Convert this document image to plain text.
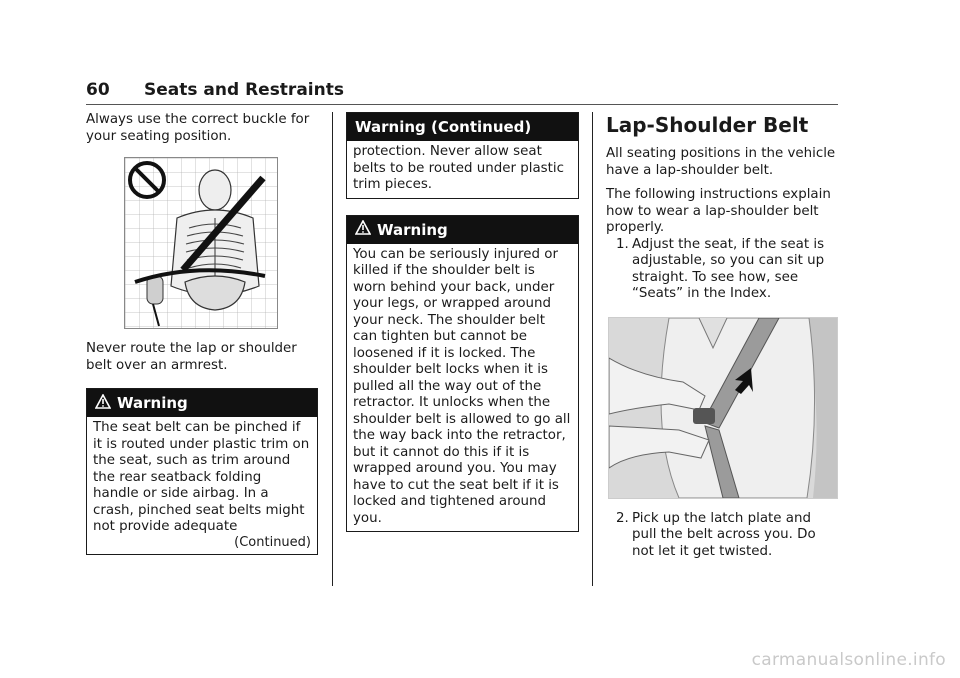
60 Seats and Restraints

Always use the correct buckle for your seating position.

Never route the lap or shoulder belt over an armrest.

Warning

The seat belt can be pinched if it is routed under plastic trim on the seat, such as trim around the rear seatback folding handle or side airbag. In a crash, pinched seat belts might not provide adequate

(Continued)
Warning (Continued)

protection. Never allow seat belts to be routed under plastic trim pieces.

Warning

You can be seriously injured or killed if the shoulder belt is worn behind your back, under your legs, or wrapped around your neck. The shoulder belt can tighten but cannot be loosened if it is locked. The shoulder belt locks when it is pulled all the way out of the retractor. It unlocks when the shoulder belt is allowed to go all the way back into the retractor, but it cannot do this if it is wrapped around you. You may have to cut the seat belt if it is locked and tightened around you.

Lap-Shoulder Belt

All seating positions in the vehicle have a lap-shoulder belt.

The following instructions explain how to wear a lap-shoulder belt properly.

1. Adjust the seat, if the seat is adjustable, so you can sit up straight. To see how, see “Seats” in the Index.
2. Pick up the latch plate and pull the belt across you. Do not let it get twisted.
carmanualsonline.info
